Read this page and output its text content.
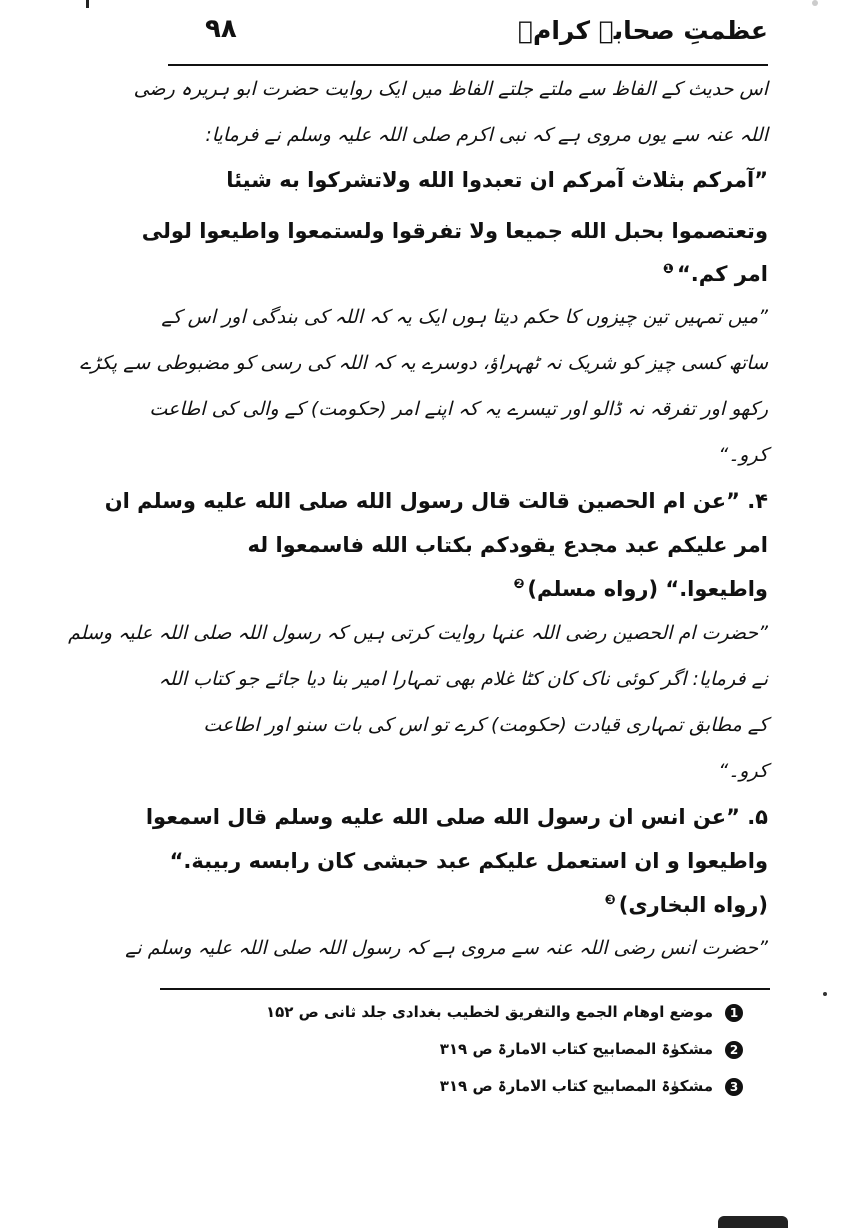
عظمتِ صحابہ کرامؓ
۹۸
اس حدیث کے الفاظ سے ملتے جلتے الفاظ میں ایک روایت حضرت ابو ہریرہ رضی
اللہ عنہ سے یوں مروی ہے کہ نبی اکرم صلی اللہ علیہ وسلم نے فرمایا:
”آمرکم بثلاث آمرکم ان تعبدوا الله ولاتشرکوا به شیئا
وتعتصموا بحبل الله جمیعا ولا تفرقوا ولستمعوا واطیعوا لولی
امر کم.“$^❶$
”میں تمہیں تین چیزوں کا حکم دیتا ہوں ایک یہ کہ اللہ کی بندگی اور اس کے
ساتھ کسی چیز کو شریک نہ ٹھہراؤ، دوسرے یہ کہ اللہ کی رسی کو مضبوطی سے پکڑے
رکھو اور تفرقہ نہ ڈالو اور تیسرے یہ کہ اپنے امر (حکومت) کے والی کی اطاعت
کرو۔“
۴. ”عن ام الحصین قالت قال رسول الله صلی الله علیه وسلم ان
امر علیکم عبد مجدع یقودکم بکتاب الله فاسمعوا له
واطیعوا.“ (رواه مسلم)$^❷$
”حضرت ام الحصین رضی اللہ عنہا روایت کرتی ہیں کہ رسول اللہ صلی اللہ علیہ وسلم
نے فرمایا: اگر کوئی ناک کان کٹا غلام بھی تمہارا امیر بنا دیا جائے جو کتاب اللہ
کے مطابق تمہاری قیادت (حکومت) کرے تو اس کی بات سنو اور اطاعت
کرو۔“
۵. ”عن انس ان رسول الله صلی الله علیه وسلم قال اسمعوا
واطیعوا و ان استعمل علیکم عبد حبشی کان رابسه ربیبة.“
(رواه البخاری)$^❸$
”حضرت انس رضی اللہ عنہ سے مروی ہے کہ رسول اللہ صلی اللہ علیہ وسلم نے
1موضع اوهام الجمع والتفریق لخطیب بغدادی جلد ثانی ص ۱۵۲
2مشکوٰۃ المصابیح کتاب الامارۃ ص ۳۱۹
3مشکوٰۃ المصابیح کتاب الامارۃ ص ۳۱۹
